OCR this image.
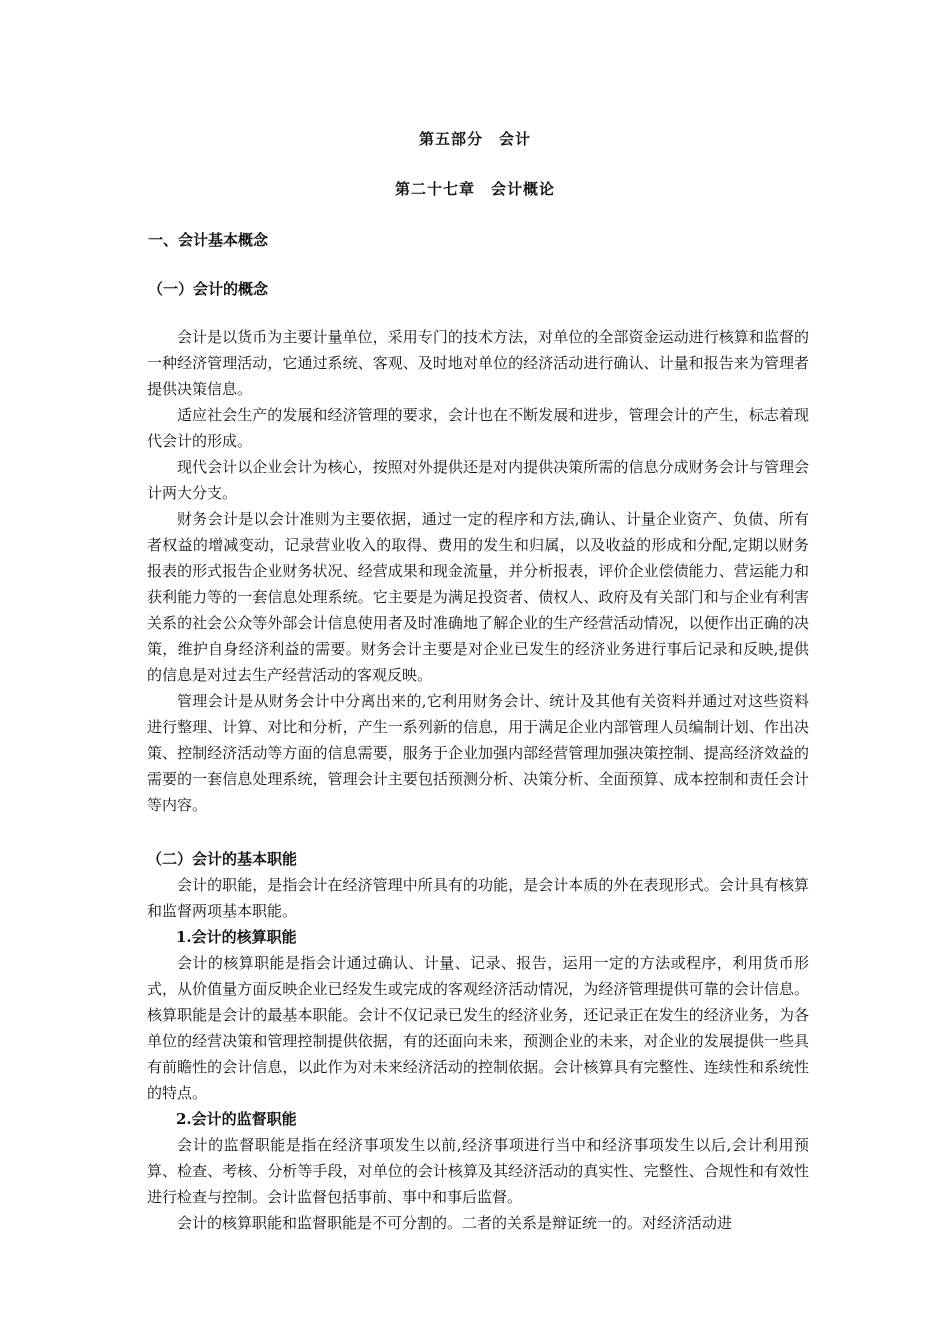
第五部分　会计
第二十七章　会计概论
一、会计基本概念
（一）会计的概念

会计是以货币为主要计量单位，采用专门的技术方法，对单位的全部资金运动进行核算和监督的一种经济管理活动，它通过系统、客观、及时地对单位的经济活动进行确认、计量和报告来为管理者提供决策信息。

适应社会生产的发展和经济管理的要求，会计也在不断发展和进步，管理会计的产生，标志着现代会计的形成。

现代会计以企业会计为核心，按照对外提供还是对内提供决策所需的信息分成财务会计与管理会计两大分支。

财务会计是以会计准则为主要依据，通过一定的程序和方法,确认、计量企业资产、负债、所有者权益的增减变动，记录营业收入的取得、费用的发生和归属，以及收益的形成和分配,定期以财务报表的形式报告企业财务状况、经营成果和现金流量，并分析报表，评价企业偿债能力、营运能力和获利能力等的一套信息处理系统。它主要是为满足投资者、债权人、政府及有关部门和与企业有利害关系的社会公众等外部会计信息使用者及时准确地了解企业的生产经营活动情况，以便作出正确的决策，维护自身经济利益的需要。财务会计主要是对企业已发生的经济业务进行事后记录和反映,提供的信息是对过去生产经营活动的客观反映。

管理会计是从财务会计中分离出来的,它利用财务会计、统计及其他有关资料并通过对这些资料进行整理、计算、对比和分析，产生一系列新的信息，用于满足企业内部管理人员编制计划、作出决策、控制经济活动等方面的信息需要，服务于企业加强内部经营管理加强决策控制、提高经济效益的需要的一套信息处理系统，管理会计主要包括预测分析、决策分析、全面预算、成本控制和责任会计等内容。

（二）会计的基本职能

会计的职能，是指会计在经济管理中所具有的功能，是会计本质的外在表现形式。会计具有核算和监督两项基本职能。

1.会计的核算职能

会计的核算职能是指会计通过确认、计量、记录、报告，运用一定的方法或程序，利用货币形式，从价值量方面反映企业已经发生或完成的客观经济活动情况，为经济管理提供可靠的会计信息。核算职能是会计的最基本职能。会计不仅记录已发生的经济业务，还记录正在发生的经济业务，为各单位的经营决策和管理控制提供依据，有的还面向未来，预测企业的未来，对企业的发展提供一些具有前瞻性的会计信息，以此作为对未来经济活动的控制依据。会计核算具有完整性、连续性和系统性的特点。

2.会计的监督职能

会计的监督职能是指在经济事项发生以前,经济事项进行当中和经济事项发生以后,会计利用预算、检查、考核、分析等手段，对单位的会计核算及其经济活动的真实性、完整性、合规性和有效性进行检查与控制。会计监督包括事前、事中和事后监督。

会计的核算职能和监督职能是不可分割的。二者的关系是辩证统一的。对经济活动进
